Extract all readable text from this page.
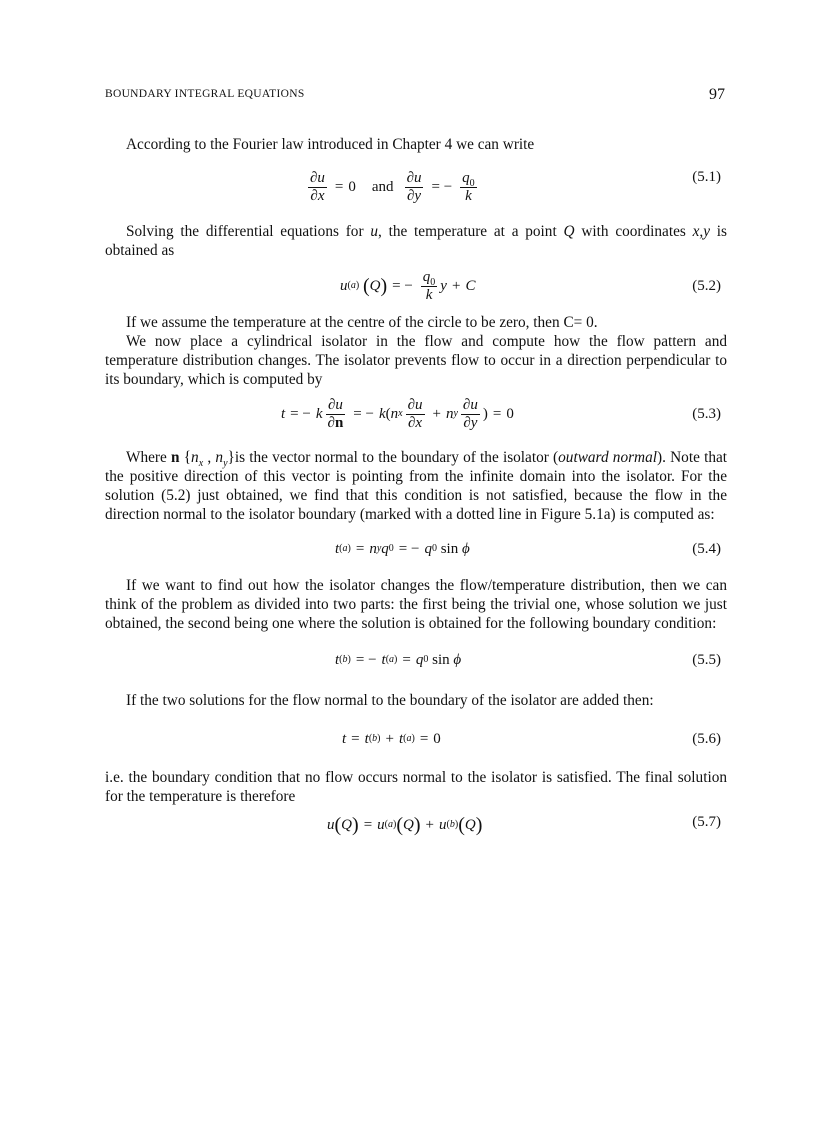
BOUNDARY INTEGRAL EQUATIONS	97

According to the Fourier law introduced in Chapter 4 we can write

$\frac{\partial u}{\partial x} = 0$ and $\frac{\partial u}{\partial y}$ = − $\frac{q_0}{k}$	(5.1)

Solving the differential equations for u, the temperature at a point Q with coordinates x,y is obtained as

u (a)
( Q ) = − $\frac{q_0}{k}$ y + C	(5.2)

If we assume the temperature at the centre of the circle to be zero, then C= 0.

We now place a cylindrical isolator in the flow and compute how the flow pattern and temperature distribution changes. The isolator prevents flow to occur in a direction perpendicular to its boundary, which is computed by

t = − k $\frac{\partial u}{\partial n}$ = − k ( n x $\frac{\partial u}{\partial x} + n$ y $\frac{\partial u}{\partial y}$ ) = 0	(5.3)

Where n {$n_x$ , $n_y\}is$ the vector normal to the boundary of the isolator (outward normal). Note that the positive direction of this vector is pointing from the infinite domain into the isolator. For the solution (5.2) just obtained, we find that this condition is not satisfied, because the flow in the direction normal to the isolator boundary (marked with a dotted line in Figure 5.1a) is computed as:

t (a) = n y q 0 = − q 0 sin ϕ	(5.4)

If we want to find out how the isolator changes the flow/temperature distribution, then we can think of the problem as divided into two parts: the first being the trivial one, whose solution we just obtained, the second being one where the solution is obtained for the following boundary condition:

t (b) = − t (a) = q 0 sin ϕ	(5.5)

If the two solutions for the flow normal to the boundary of the isolator are added then:

t = t (b) + t (a) = 0	(5.6)

i.e. the boundary condition that no flow occurs normal to the isolator is satisfied. The final solution for the temperature is therefore

u ( Q ) = u (a) ( Q ) + u (b) ( Q )	(5.7)
